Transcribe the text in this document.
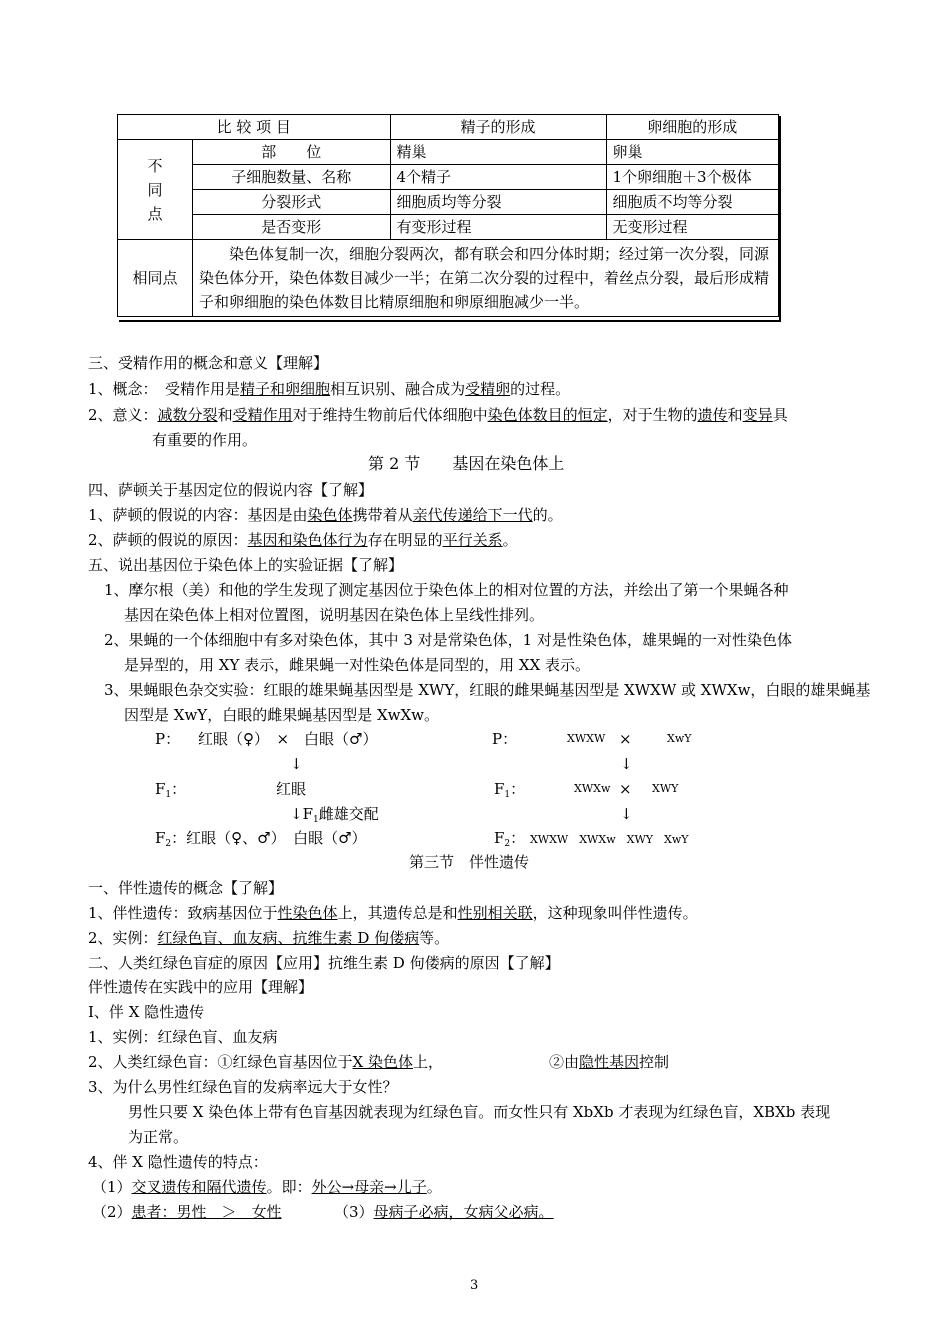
比 较 项 目		精子的形成	卵细胞的形成

不
同
点	部　　位	精巢	卵巢
	子细胞数量、名称	4个精子	1个卵细胞＋3个极体
	分裂形式	细胞质均等分裂	细胞质不均等分裂
	是否变形	有变形过程	无变形过程
相同点	染色体复制一次，细胞分裂两次，都有联会和四分体时期；经过第一次分裂，同源染色体分开，染色体数目减少一半；在第二次分裂的过程中，着丝点分裂，最后形成精子和卵细胞的染色体数目比精原细胞和卵原细胞减少一半。		
三、受精作用的概念和意义【理解】
1、概念：　受精作用是精子和卵细胞相互识别、融合成为受精卵的过程。
2、意义：减数分裂和受精作用对于维持生物前后代体细胞中染色体数目的恒定，对于生物的遗传和变异具
有重要的作用。
第 2 节　　基因在染色体上
四、萨顿关于基因定位的假说内容【了解】
1、萨顿的假说的内容：基因是由染色体携带着从亲代传递给下一代的。
2、萨顿的假说的原因：基因和染色体行为存在明显的平行关系。
五、说出基因位于染色体上的实验证据【了解】
1、摩尔根（美）和他的学生发现了测定基因位于染色体上的相对位置的方法，并绘出了第一个果蝇各种
基因在染色体上相对位置图，说明基因在染色体上呈线性排列。
2、果蝇的一个体细胞中有多对染色体，其中 3 对是常染色体，1 对是性染色体，雄果蝇的一对性染色体
是异型的，用 XY 表示，雌果蝇一对性染色体是同型的，用 XX 表示。
3、果蝇眼色杂交实验：红眼的雄果蝇基因型是 XWY，红眼的雌果蝇基因型是 XWXW 或 XWXw，白眼的雄果蝇基
因型是 XwY，白眼的雌果蝇基因型是 XwXw。
P： 红眼（♀）　×　白眼（♂）
↓
$F_1$：	红眼
$↓F_1$雌雄交配
$F_2$：红眼（♀、♂）　白眼（♂）
P：	XWXW ×	XwY
↓
$F_1$：	XWXw × XWY
↓
$F_2$： XWXW　XWXw　XWY　XwY
第三节　伴性遗传
一、伴性遗传的概念【了解】
1、伴性遗传：致病基因位于性染色体上，其遗传总是和性别相关联，这种现象叫伴性遗传。
2、实例：红绿色盲、血友病、抗维生素 D 佝偻病等。
二、人类红绿色盲症的原因【应用】抗维生素 D 佝偻病的原因【了解】
伴性遗传在实践中的应用【理解】
Ⅰ、伴 X 隐性遗传
1、实例：红绿色盲、血友病
2、人类红绿色盲：①红绿色盲基因位于X 染色体上，	②由隐性基因控制
3、为什么男性红绿色盲的发病率远大于女性？
男性只要 X 染色体上带有色盲基因就表现为红绿色盲。而女性只有 XbXb 才表现为红绿色盲，XBXb 表现
为正常。
4、伴 X 隐性遗传的特点：
（1）交叉遗传和隔代遗传。即：外公→母亲→儿子。
（2）患者：男性　＞　女性	（3）母病子必病，女病父必病。
3
